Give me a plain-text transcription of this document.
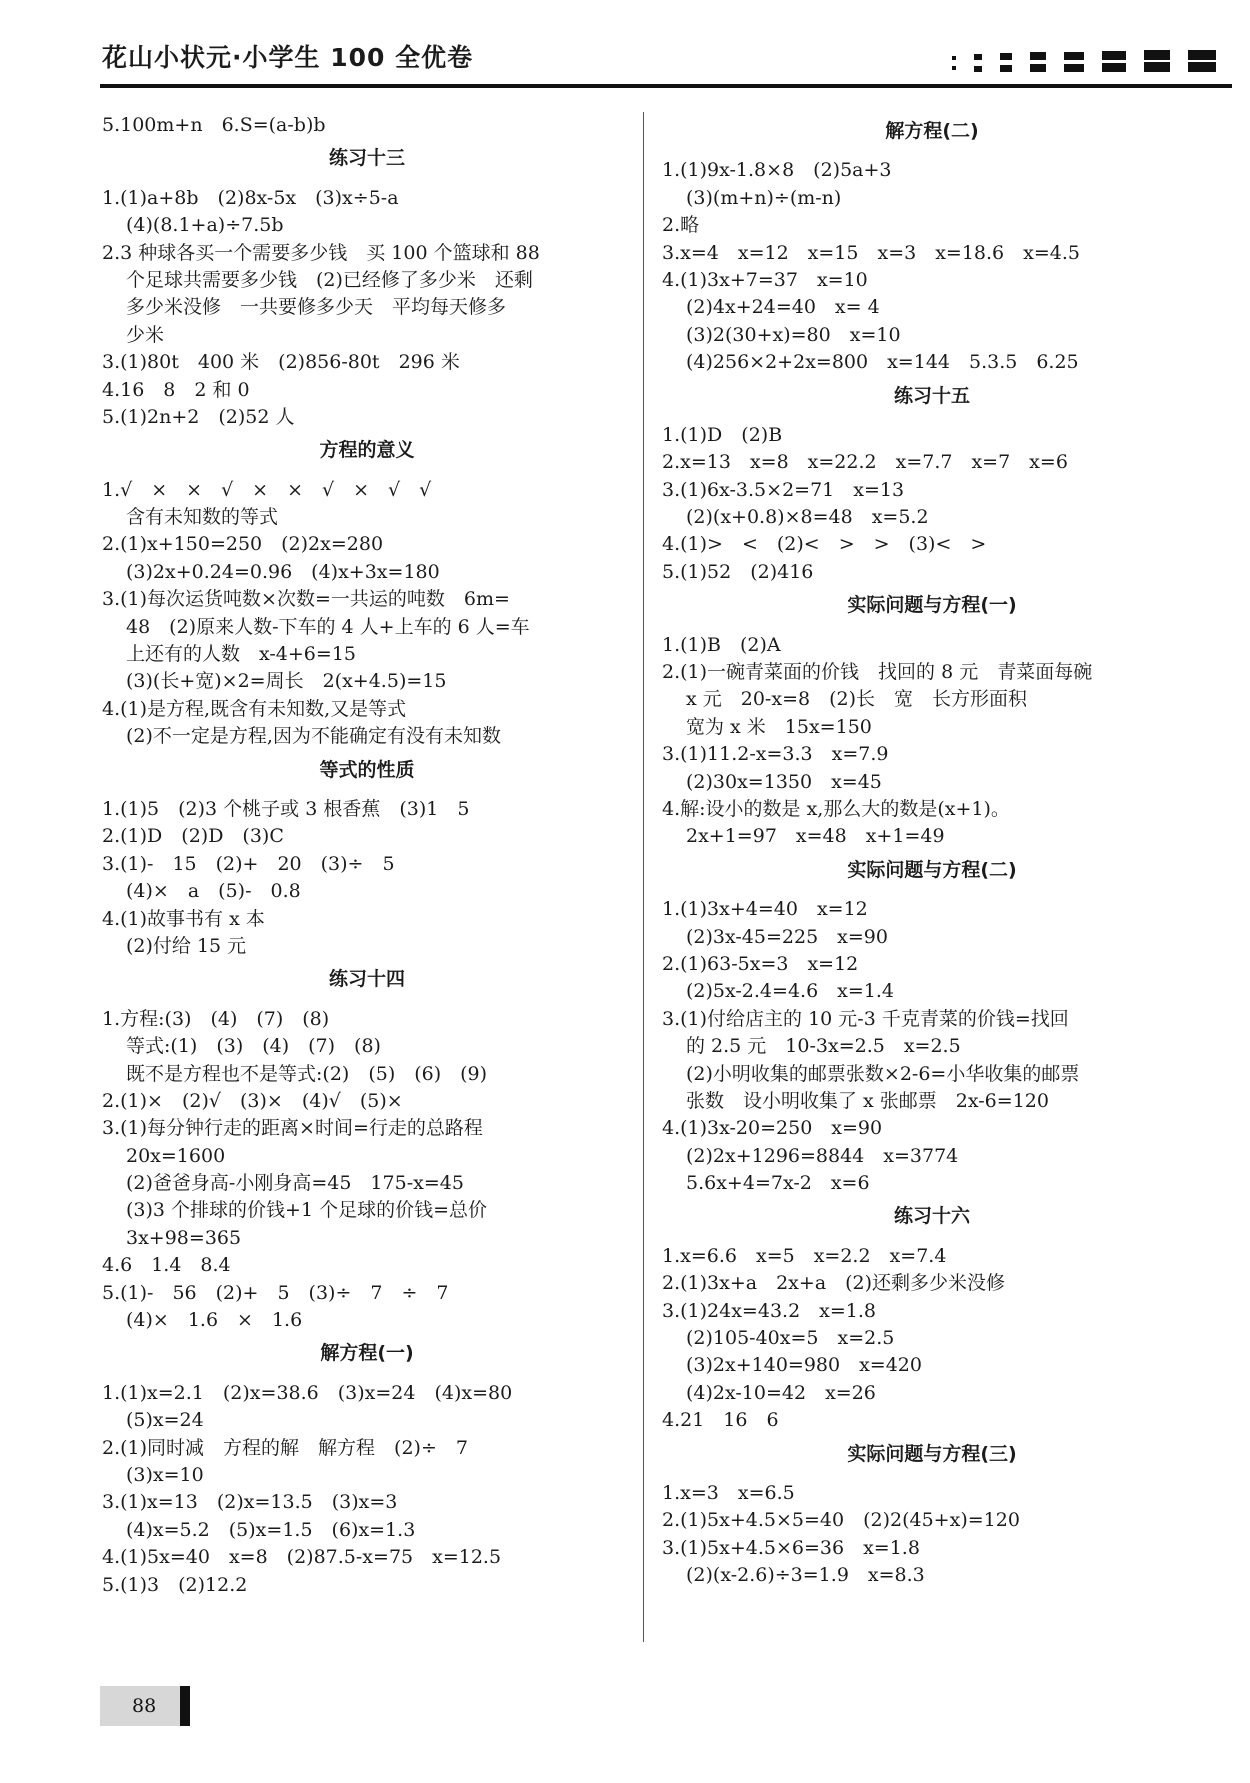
花山小状元·小学生 100 全优卷
5.100m+n　6.S=(a-b)b
练习十三
1.(1)a+8b　(2)8x-5x　(3)x÷5-a
(4)(8.1+a)÷7.5b
2.3 种球各买一个需要多少钱　买 100 个篮球和 88
个足球共需要多少钱　(2)已经修了多少米　还剩
多少米没修　一共要修多少天　平均每天修多
少米
3.(1)80t　400 米　(2)856-80t　296 米
4.16　8　2 和 0
5.(1)2n+2　(2)52 人
方程的意义
1.√　×　×　√　×　×　√　×　√　√
含有未知数的等式
2.(1)x+150=250　(2)2x=280
(3)2x+0.24=0.96　(4)x+3x=180
3.(1)每次运货吨数×次数=一共运的吨数　6m=
48　(2)原来人数-下车的 4 人+上车的 6 人=车
上还有的人数　x-4+6=15
(3)(长+宽)×2=周长　2(x+4.5)=15
4.(1)是方程,既含有未知数,又是等式
(2)不一定是方程,因为不能确定有没有未知数
等式的性质
1.(1)5　(2)3 个桃子或 3 根香蕉　(3)1　5
2.(1)D　(2)D　(3)C
3.(1)-　15　(2)+　20　(3)÷　5
(4)×　a　(5)-　0.8
4.(1)故事书有 x 本
(2)付给 15 元
练习十四
1.方程:(3)　(4)　(7)　(8)
等式:(1)　(3)　(4)　(7)　(8)
既不是方程也不是等式:(2)　(5)　(6)　(9)
2.(1)×　(2)√　(3)×　(4)√　(5)×
3.(1)每分钟行走的距离×时间=行走的总路程
20x=1600
(2)爸爸身高-小刚身高=45　175-x=45
(3)3 个排球的价钱+1 个足球的价钱=总价
3x+98=365
4.6　1.4　8.4
5.(1)-　56　(2)+　5　(3)÷　7　÷　7
(4)×　1.6　×　1.6
解方程(一)
1.(1)x=2.1　(2)x=38.6　(3)x=24　(4)x=80
(5)x=24
2.(1)同时减　方程的解　解方程　(2)÷　7
(3)x=10
3.(1)x=13　(2)x=13.5　(3)x=3
(4)x=5.2　(5)x=1.5　(6)x=1.3
4.(1)5x=40　x=8　(2)87.5-x=75　x=12.5
5.(1)3　(2)12.2
解方程(二)
1.(1)9x-1.8×8　(2)5a+3
(3)(m+n)÷(m-n)
2.略
3.x=4　x=12　x=15　x=3　x=18.6　x=4.5
4.(1)3x+7=37　x=10
(2)4x+24=40　x= 4
(3)2(30+x)=80　x=10
(4)256×2+2x=800　x=144　5.3.5　6.25
练习十五
1.(1)D　(2)B
2.x=13　x=8　x=22.2　x=7.7　x=7　x=6
3.(1)6x-3.5×2=71　x=13
(2)(x+0.8)×8=48　x=5.2
4.(1)>　<　(2)<　>　>　(3)<　>
5.(1)52　(2)416
实际问题与方程(一)
1.(1)B　(2)A
2.(1)一碗青菜面的价钱　找回的 8 元　青菜面每碗
x 元　20-x=8　(2)长　宽　长方形面积
宽为 x 米　15x=150
3.(1)11.2-x=3.3　x=7.9
(2)30x=1350　x=45
4.解:设小的数是 x,那么大的数是(x+1)。
2x+1=97　x=48　x+1=49
实际问题与方程(二)
1.(1)3x+4=40　x=12
(2)3x-45=225　x=90
2.(1)63-5x=3　x=12
(2)5x-2.4=4.6　x=1.4
3.(1)付给店主的 10 元-3 千克青菜的价钱=找回
的 2.5 元　10-3x=2.5　x=2.5
(2)小明收集的邮票张数×2-6=小华收集的邮票
张数　设小明收集了 x 张邮票　2x-6=120
4.(1)3x-20=250　x=90
(2)2x+1296=8844　x=3774
5.6x+4=7x-2　x=6
练习十六
1.x=6.6　x=5　x=2.2　x=7.4
2.(1)3x+a　2x+a　(2)还剩多少米没修
3.(1)24x=43.2　x=1.8
(2)105-40x=5　x=2.5
(3)2x+140=980　x=420
(4)2x-10=42　x=26
4.21　16　6
实际问题与方程(三)
1.x=3　x=6.5
2.(1)5x+4.5×5=40　(2)2(45+x)=120
3.(1)5x+4.5×6=36　x=1.8
(2)(x-2.6)÷3=1.9　x=8.3
88
